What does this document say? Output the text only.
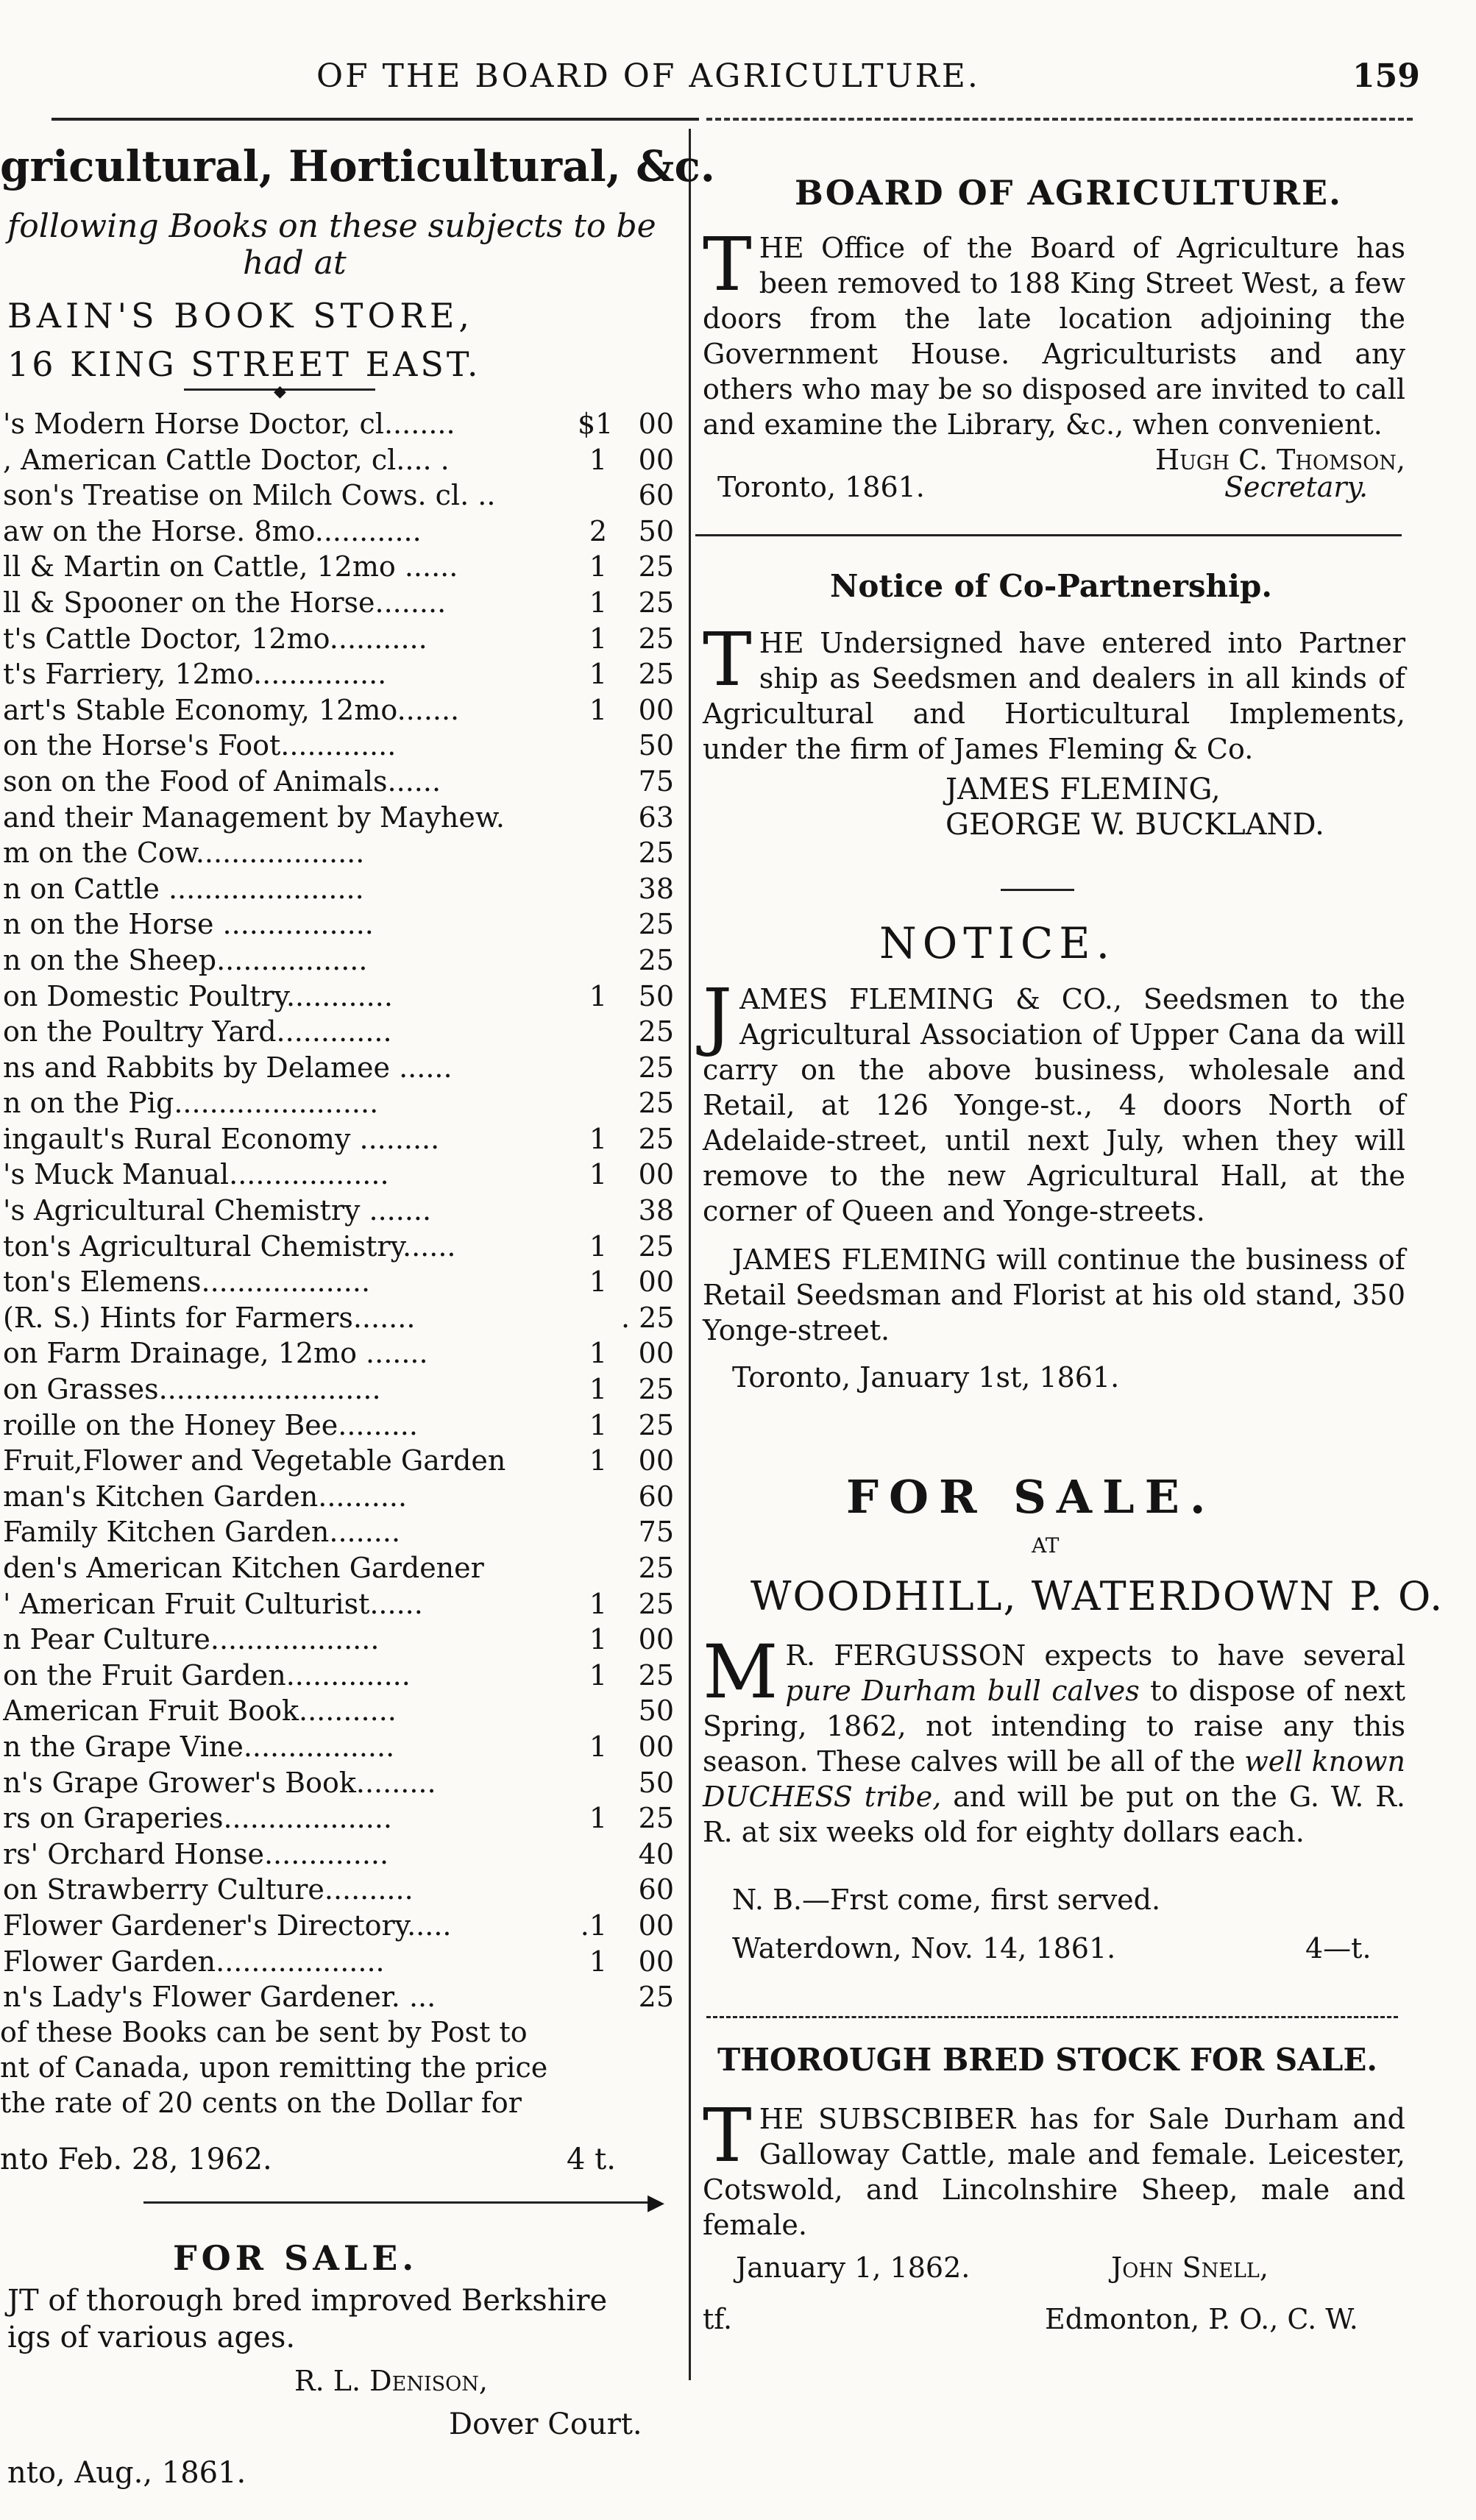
OF THE BOARD OF AGRICULTURE.	159
gricultural, Horticultural, &c.
following Books on these subjects to be
had at
BAIN'S BOOK STORE,
16 KING STREET EAST.
◆
's Modern Horse Doctor, cl........	$1 00
, American Cattle Doctor, cl.... .	1	00
son's Treatise on Milch Cows. cl. ..	60
aw on the Horse. 8mo............	2	50
ll & Martin on Cattle, 12mo ......	1	25
ll & Spooner on the Horse........	1	25
t's Cattle Doctor, 12mo...........	1	25
t's Farriery, 12mo...............	1	25
art's Stable Economy, 12mo.......	1	00
on the Horse's Foot.............	50
son on the Food of Animals......	75
and their Management by Mayhew.	63
m on the Cow...................	25
n on Cattle ......................	38
n on the Horse .................	25
n on the Sheep.................	25
on Domestic Poultry............	1	50
on the Poultry Yard.............	25
ns and Rabbits by Delamee ......	25
n on the Pig.......................	25
ingault's Rural Economy .........	1	25
's Muck Manual..................	1	00
's Agricultural Chemistry .......	38
ton's Agricultural Chemistry......	1	25
ton's Elemens...................	1	00
(R. S.) Hints for Farmers.......	. 25
on Farm Drainage, 12mo .......	1	00
on Grasses.........................	1	25
roille on the Honey Bee.........	1	25
Fruit,Flower and Vegetable Garden	1	00
man's Kitchen Garden..........	60
Family Kitchen Garden........	75
den's American Kitchen Gardener	25
' American Fruit Culturist......	1	25
n Pear Culture...................	1	00
on the Fruit Garden..............	1	25
American Fruit Book...........	50
n the Grape Vine.................	1	00
n's Grape Grower's Book.........	50
rs on Graperies...................	1	25
rs' Orchard Honse..............	40
on Strawberry Culture..........	60
Flower Gardener's Directory.....	.1	00
Flower Garden...................	1	00
n's Lady's Flower Gardener. ...	25
of these Books can be sent by Post to
nt of Canada, upon remitting the price
the rate of 20 cents on the Dollar for
nto Feb. 28, 1962.	4 t.
▶
FOR SALE.
JT of thorough bred improved Berkshire
igs of various ages.
R. L. Denison,
Dover Court.
nto, Aug., 1861.
BOARD OF AGRICULTURE.
THE Office of the Board of Agriculture has been removed to 188 King Street West, a few doors from the late location adjoining the Government House. Agriculturists and any others who may be so disposed are invited to call and examine the Library, &c., when convenient.
Hugh C. Thomson,
Toronto, 1861.	Secretary.
Notice of Co-Partnership.
THE Undersigned have entered into Partner ship as Seedsmen and dealers in all kinds of Agricultural and Horticultural Implements, under the firm of James Fleming & Co.
JAMES FLEMING,
GEORGE W. BUCKLAND.
NOTICE.
JAMES FLEMING & CO., Seedsmen to the Agricultural Association of Upper Cana da will carry on the above business, wholesale and Retail, at 126 Yonge-st., 4 doors North of Adelaide-street, until next July, when they will remove to the new Agricultural Hall, at the corner of Queen and Yonge-streets.
JAMES FLEMING will continue the business of Retail Seedsman and Florist at his old stand, 350 Yonge-street.
Toronto, January 1st, 1861.
FOR SALE.
AT
WOODHILL, WATERDOWN P. O.
M R. FERGUSSON expects to have several pure Durham bull calves to dispose of next Spring, 1862, not intending to raise any this season. These calves will be all of the well known DUCHESS tribe, and will be put on the G. W. R. R. at six weeks old for eighty dollars each.
N. B.—Frst come, first served.
Waterdown, Nov. 14, 1861.	4—t.
THOROUGH BRED STOCK FOR SALE.
THE SUBSCBIBER has for Sale Durham and Galloway Cattle, male and female. Leicester, Cotswold, and Lincolnshire Sheep, male and female.
January 1, 1862.	John Snell,
tf.	Edmonton, P. O., C. W.
